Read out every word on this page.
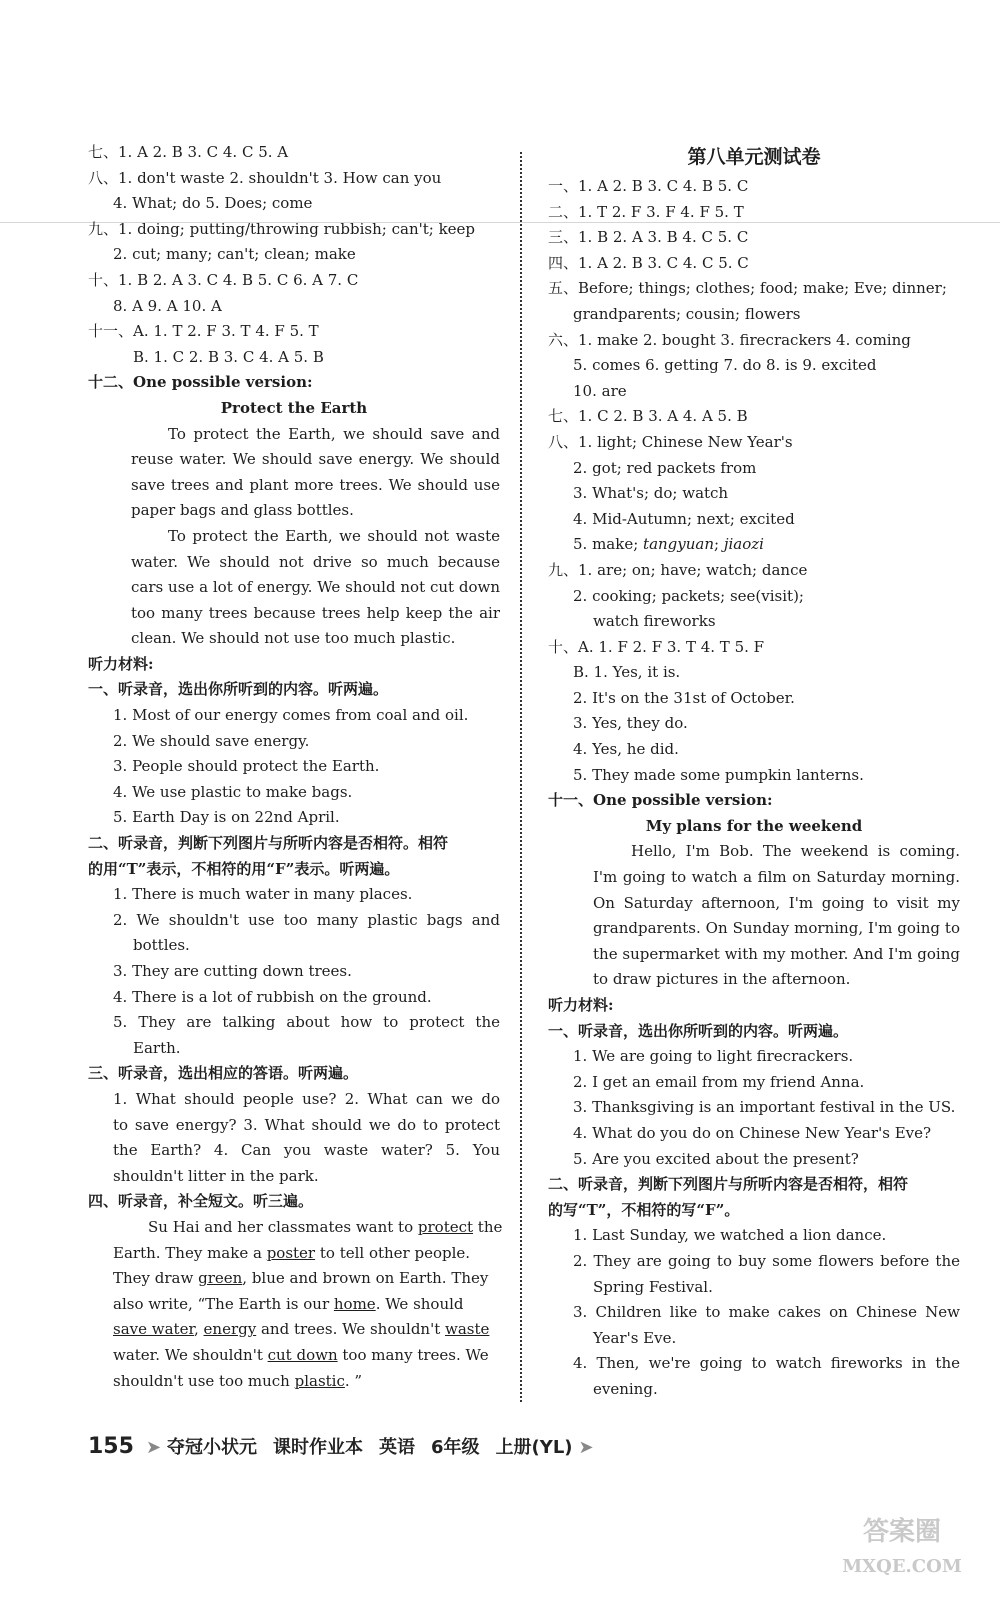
七、1. A 2. B 3. C 4. C 5. A
八、1. don't waste 2. shouldn't 3. How can you
4. What; do 5. Does; come
九、1. doing; putting/throwing rubbish; can't; keep
2. cut; many; can't; clean; make
十、1. B 2. A 3. C 4. B 5. C 6. A 7. C
8. A 9. A 10. A
十一、A. 1. T 2. F 3. T 4. F 5. T
B. 1. C 2. B 3. C 4. A 5. B
十二、One possible version:
Protect the Earth
To protect the Earth, we should save and
reuse water. We should save energy. We should
save trees and plant more trees. We should use
paper bags and glass bottles.
To protect the Earth, we should not waste
water. We should not drive so much because
cars use a lot of energy. We should not cut down
too many trees because trees help keep the air
clean. We should not use too much plastic.
听力材料:
一、听录音，选出你所听到的内容。听两遍。
1. Most of our energy comes from coal and oil.
2. We should save energy.
3. People should protect the Earth.
4. We use plastic to make bags.
5. Earth Day is on 22nd April.
二、听录音，判断下列图片与所听内容是否相符。相符
的用“T”表示，不相符的用“F”表示。听两遍。
1. There is much water in many places.
2. We shouldn't use too many plastic bags and
bottles.
3. They are cutting down trees.
4. There is a lot of rubbish on the ground.
5. They are talking about how to protect the
Earth.
三、听录音，选出相应的答语。听两遍。
1. What should people use? 2. What can we do
to save energy? 3. What should we do to protect
the Earth? 4. Can you waste water? 5. You
shouldn't litter in the park.
四、听录音，补全短文。听三遍。
Su Hai and her classmates want to protect the
Earth. They make a poster to tell other people.
They draw green, blue and brown on Earth. They
also write, “The Earth is our home. We should
save water, energy and trees. We shouldn't waste
water. We shouldn't cut down too many trees. We
shouldn't use too much plastic. ”
第八单元测试卷
一、1. A 2. B 3. C 4. B 5. C
二、1. T 2. F 3. F 4. F 5. T
三、1. B 2. A 3. B 4. C 5. C
四、1. A 2. B 3. C 4. C 5. C
五、Before; things; clothes; food; make; Eve; dinner;
grandparents; cousin; flowers
六、1. make 2. bought 3. firecrackers 4. coming
5. comes 6. getting 7. do 8. is 9. excited
10. are
七、1. C 2. B 3. A 4. A 5. B
八、1. light; Chinese New Year's
2. got; red packets from
3. What's; do; watch
4. Mid-Autumn; next; excited
5. make; tangyuan; jiaozi
九、1. are; on; have; watch; dance
2. cooking; packets; see(visit);
watch fireworks
十、A. 1. F 2. F 3. T 4. T 5. F
B. 1. Yes, it is.
2. It's on the 31st of October.
3. Yes, they do.
4. Yes, he did.
5. They made some pumpkin lanterns.
十一、One possible version:
My plans for the weekend
Hello, I'm Bob. The weekend is coming.
I'm going to watch a film on Saturday morning.
On Saturday afternoon, I'm going to visit my
grandparents. On Sunday morning, I'm going to
the supermarket with my mother. And I'm going
to draw pictures in the afternoon.
听力材料:
一、听录音，选出你所听到的内容。听两遍。
1. We are going to light firecrackers.
2. I get an email from my friend Anna.
3. Thanksgiving is an important festival in the US.
4. What do you do on Chinese New Year's Eve?
5. Are you excited about the present?
二、听录音，判断下列图片与所听内容是否相符，相符
的写“T”，不相符的写“F”。
1. Last Sunday, we watched a lion dance.
2. They are going to buy some flowers before the
Spring Festival.
3. Children like to make cakes on Chinese New
Year's Eve.
4. Then, we're going to watch fireworks in the
evening.
155 ➤ 夺冠小状元 课时作业本 英语 6年级 上册(YL) ➤
答案圈
MXQE.COM
